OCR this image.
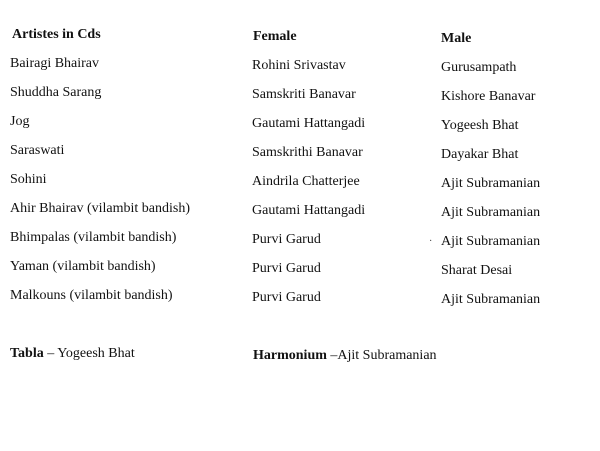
Artistes in Cds	Female	Male
Bairagi Bhairav	Rohini Srivastav	Gurusampath
Shuddha Sarang	Samskriti Banavar	Kishore Banavar
Jog	Gautami Hattangadi	Yogeesh Bhat
Saraswati	Samskrithi Banavar	Dayakar Bhat
Sohini	Aindrila Chatterjee	Ajit Subramanian
Ahir Bhairav (vilambit bandish)	Gautami Hattangadi	Ajit Subramanian
Bhimpalas (vilambit bandish)	Purvi Garud	· Ajit Subramanian
Yaman (vilambit bandish)	Purvi Garud	Sharat Desai
Malkouns (vilambit bandish)	Purvi Garud	Ajit Subramanian
Tabla – Yogeesh Bhat	Harmonium –Ajit Subramanian
